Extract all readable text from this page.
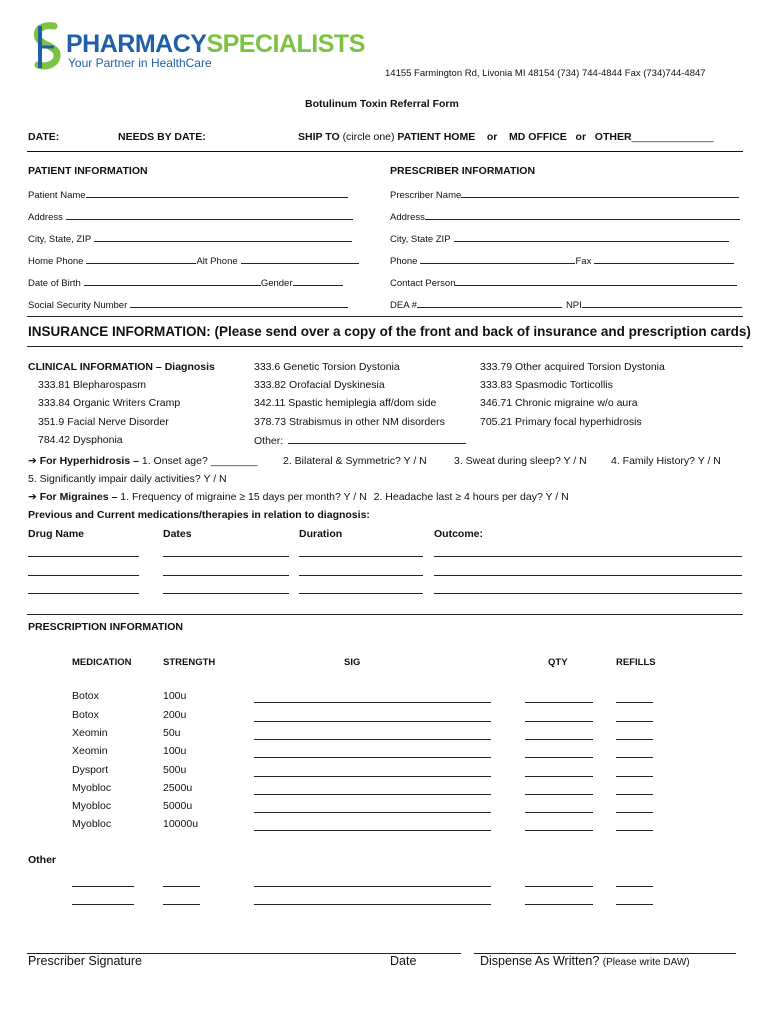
PHARMACYSPECIALISTS
Your Partner in HealthCare
14155 Farmington Rd, Livonia MI 48154 (734) 744-4844 Fax (734)744-4847
Botulinum Toxin Referral Form
DATE:	NEEDS BY DATE:	SHIP TO (circle one) PATIENT HOME    or    MD OFFICE   or   OTHER______________
PATIENT INFORMATION	PRESCRIBER INFORMATION
Patient Name
Address
City, State, ZIP
Home Phone	Alt Phone
Date of Birth	Gender
Social Security Number
Prescriber Name
Address
City, State ZIP
Phone	Fax
Contact Person
DEA #	NPI
INSURANCE INFORMATION: (Please send over a copy of the front and back of insurance and prescription cards)
CLINICAL INFORMATION – Diagnosis
333.81 Blepharospasm
333.84 Organic Writers Cramp
351.9 Facial Nerve Disorder
784.42 Dysphonia
333.6 Genetic Torsion Dystonia
333.82 Orofacial Dyskinesia
342.11 Spastic hemiplegia aff/dom side
378.73 Strabismus in other NM disorders
Other:
333.79 Other acquired Torsion Dystonia
333.83 Spasmodic Torticollis
346.71 Chronic migraine w/o aura
705.21 Primary focal hyperhidrosis
➔ For Hyperhidrosis – 1. Onset age? ________ 2. Bilateral & Symmetric? Y / N	3. Sweat during sleep? Y / N 4. Family History? Y / N
5. Significantly impair daily activities? Y / N
➔ For Migraines – 1. Frequency of migraine ≥ 15 days per month? Y / N 2. Headache last ≥ 4 hours per day? Y / N
Previous and Current medications/therapies in relation to diagnosis:
Drug Name	Dates	Duration	Outcome:
PRESCRIPTION INFORMATION
MEDICATION	STRENGTH	SIG	QTY	REFILLS
Botox	100u
Botox	200u
Xeomin	50u
Xeomin	100u
Dysport	500u
Myobloc	2500u
Myobloc	5000u
Myobloc	10000u
Other
Prescriber Signature	Date	Dispense As Written? (Please write DAW)
